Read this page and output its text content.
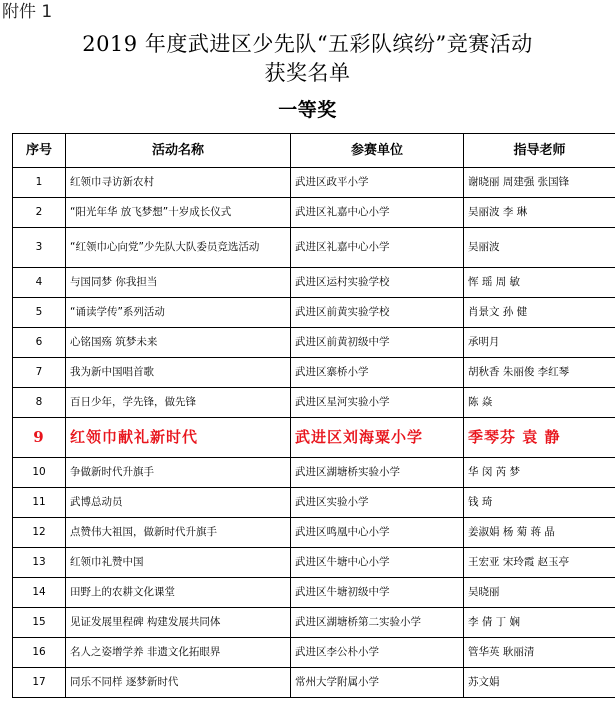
附件 1
2019 年度武进区少先队“五彩队缤纷”竞赛活动
获奖名单
一等奖
序号	活动名称	参赛单位	指导老师
1	红领巾寻访新农村	武进区政平小学	谢晓丽 周建强 张国锋
2	“阳光年华 放飞梦想”十岁成长仪式	武进区礼嘉中心小学	吴丽波 李 琳
3	“红领巾心向党”少先队大队委员竞选活动	武进区礼嘉中心小学	吴丽波
4	与国同梦 你我担当	武进区运村实验学校	恽 瑶 周 敏
5	“诵读学传”系列活动	武进区前黄实验学校	肖景文 孙 健
6	心铭国殇 筑梦未来	武进区前黄初级中学	承明月
7	我为新中国唱首歌	武进区寨桥小学	胡秋香 朱丽俊 李红琴
8	百日少年，学先锋，做先锋	武进区星河实验小学	陈 焱
9	红领巾献礼新时代	武进区刘海粟小学	季琴芬 袁 静
10	争做新时代升旗手	武进区湖塘桥实验小学	华 闵 芮 梦
11	武博总动员	武进区实验小学	钱 琦
12	点赞伟大祖国，做新时代升旗手	武进区鸣凰中心小学	姜淑娟 杨 菊 蒋 晶
13	红领巾礼赞中国	武进区牛塘中心小学	王宏亚 宋玲霞 赵玉亭
14	田野上的农耕文化课堂	武进区牛塘初级中学	吴晓丽
15	见证发展里程碑 构建发展共同体	武进区湖塘桥第二实验小学	李 倩 丁 娴
16	名人之姿增学养 非遗文化拓眼界	武进区李公朴小学	管华英 耿丽清
17	同乐不同样 逐梦新时代	常州大学附属小学	苏文娟
